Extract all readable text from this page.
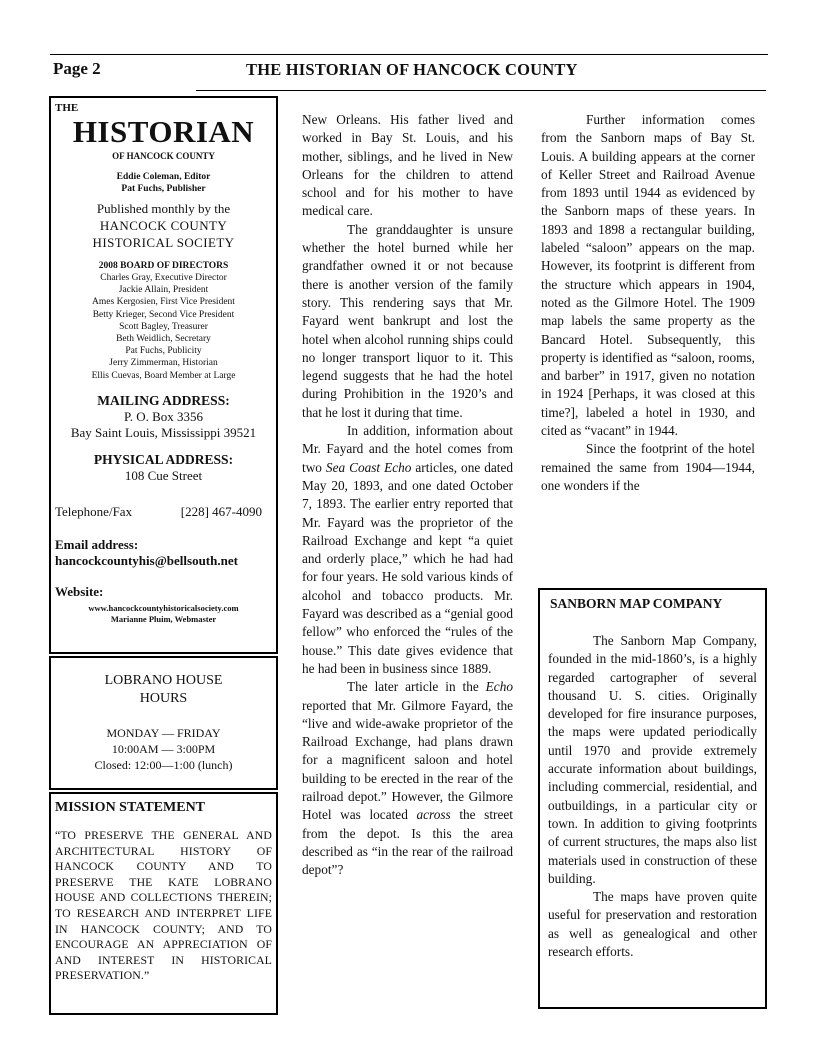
Page 2	THE HISTORIAN OF HANCOCK COUNTY
THE
HISTORIAN
OF HANCOCK COUNTY
Eddie Coleman, Editor
Pat Fuchs, Publisher
Published monthly by the
HANCOCK COUNTY
HISTORICAL SOCIETY
2008 BOARD OF DIRECTORS
Charles Gray, Executive Director
Jackie Allain, President
Ames Kergosien, First Vice President
Betty Krieger, Second Vice President
Scott Bagley, Treasurer
Beth Weidlich, Secretary
Pat Fuchs, Publicity
Jerry Zimmerman, Historian
Ellis Cuevas, Board Member at Large
MAILING ADDRESS:
P. O. Box 3356
Bay Saint Louis, Mississippi 39521
PHYSICAL ADDRESS:
108 Cue Street
Telephone/Fax	[228] 467-4090
Email address:
hancockcountyhis@bellsouth.net
Website:
www.hancockcountyhistoricalsociety.com
Marianne Pluim, Webmaster
LOBRANO HOUSE
HOURS
MONDAY — FRIDAY
10:00AM — 3:00PM
Closed: 12:00—1:00 (lunch)
MISSION STATEMENT
“TO PRESERVE THE GENERAL AND ARCHITECTURAL HISTORY OF HANCOCK COUNTY AND TO PRESERVE THE KATE LOBRANO HOUSE AND COLLECTIONS THEREIN; TO RESEARCH AND INTERPRET LIFE IN HANCOCK COUNTY; AND TO ENCOURAGE AN APPRECIATION OF AND INTEREST IN HISTORICAL PRESERVATION.”

New Orleans. His father lived and worked in Bay St. Louis, and his mother, siblings, and he lived in New Orleans for the children to attend school and for his mother to have medical care.

The granddaughter is unsure whether the hotel burned while her grandfather owned it or not because there is another version of the family story. This rendering says that Mr. Fayard went bankrupt and lost the hotel when alcohol running ships could no longer transport liquor to it. This legend suggests that he had the hotel during Prohibition in the 1920’s and that he lost it during that time.

In addition, information about Mr. Fayard and the hotel comes from two Sea Coast Echo articles, one dated May 20, 1893, and one dated October 7, 1893. The earlier entry reported that Mr. Fayard was the proprietor of the Railroad Exchange and kept “a quiet and orderly place,” which he had had for four years. He sold various kinds of alcohol and tobacco products. Mr. Fayard was described as a “genial good fellow” who enforced the “rules of the house.” This date gives evidence that he had been in business since 1889.

The later article in the Echo reported that Mr. Gilmore Fayard, the “live and wide-awake proprietor of the Railroad Exchange, had plans drawn for a magnificent saloon and hotel building to be erected in the rear of the railroad depot.” However, the Gilmore Hotel was located across the street from the depot. Is this the area described as “in the rear of the railroad depot”?

Further information comes from the Sanborn maps of Bay St. Louis. A building appears at the corner of Keller Street and Railroad Avenue from 1893 until 1944 as evidenced by the Sanborn maps of these years. In 1893 and 1898 a rectangular building, labeled “saloon” appears on the map. However, its footprint is different from the structure which appears in 1904, noted as the Gilmore Hotel. The 1909 map labels the same property as the Bancard Hotel. Subsequently, this property is identified as “saloon, rooms, and barber” in 1917, given no notation in 1924 [Perhaps, it was closed at this time?], labeled a hotel in 1930, and cited as “vacant” in 1944.

Since the footprint of the hotel remained the same from 1904—1944, one wonders if the

SANBORN MAP COMPANY

The Sanborn Map Company, founded in the mid-1860’s, is a highly regarded cartographer of several thousand U. S. cities. Originally developed for fire insurance purposes, the maps were updated periodically until 1970 and provide extremely accurate information about buildings, including commercial, residential, and outbuildings, in a particular city or town. In addition to giving footprints of current structures, the maps also list materials used in construction of these building.

The maps have proven quite useful for preservation and restoration as well as genealogical and other research efforts.
